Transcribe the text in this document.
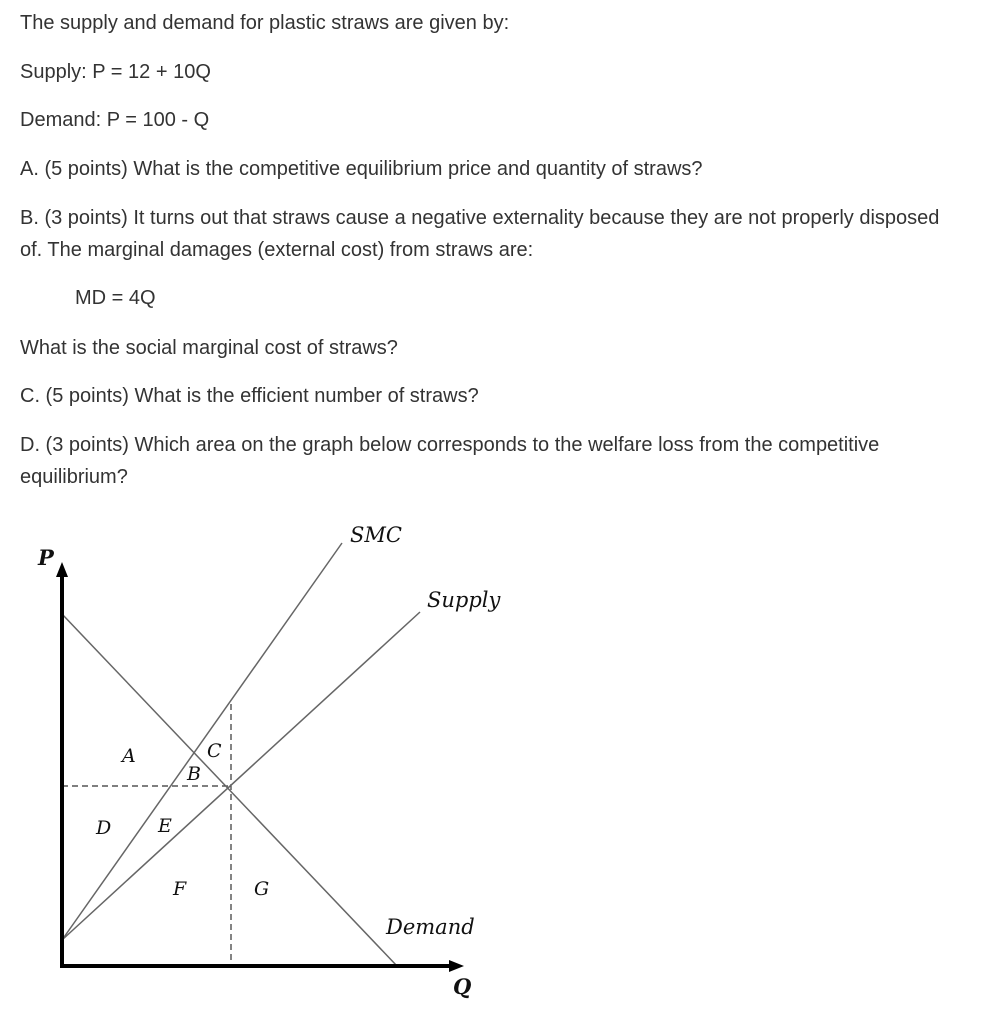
The supply and demand for plastic straws are given by:
Supply: P = 12 + 10Q
Demand: P = 100 - Q
A. (5 points) What is the competitive equilibrium price and quantity of straws?
B. (3 points) It turns out that straws cause a negative externality because they are not properly disposed of. The marginal damages (external cost) from straws are:
MD = 4Q
What is the social marginal cost of straws?
C. (5 points) What is the efficient number of straws?
D. (3 points) Which area on the graph below corresponds to the welfare loss from the competitive equilibrium?
P
Q
SMC
Supply
Demand
A
B
C
D E
F	G
